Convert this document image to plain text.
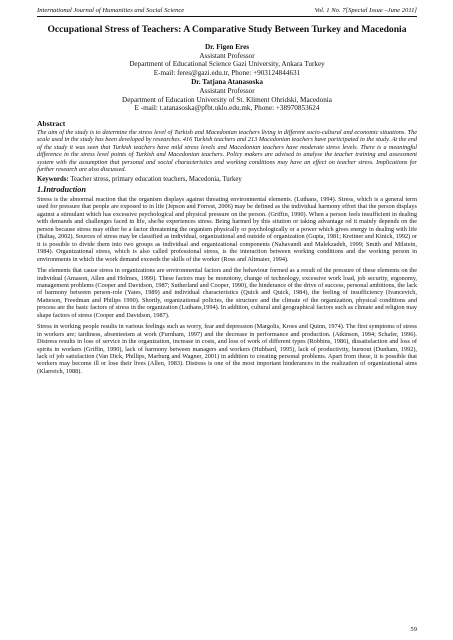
International Journal of Humanities and Social Science	Vol. 1 No. 7[Special Issue –June 2011]
Occupational Stress of Teachers: A Comparative Study Between Turkey and Macedonia
Dr. Figen Eres
Assistant Professor
Department of Educational Science Gazi University, Ankara Turkey
E-mail: feres@gazi.edu.tr, Phone: +903124844631
Dr. Tatjana Atanasoska
Assistant Professor
Department of Education University of St. Kliment Ohridski, Macedonia
E -mail: t.atanasoska@pfbt.uklo.edu.mk, Phone: +38970853624
Abstract
The aim of the study is to determine the stress level of Turkish and Macedonian teachers living in different socio-cultural and economic situations. The scale used in the study has been developed by researches. 416 Turkish teachers and 213 Macedonian teachers have participated in the study. At the end of the study it was seen that Turkish teachers have mild stress levels and Macedonian teachers have moderate stress levels. There is a meaningful difference in the stress level points of Turkish and Macedonian teachers. Policy makers are advised to analyse the teacher training and assessment system with the assumption that personal and social characteristics and working conditions may have an effect on teacher stress. Implications for further research are also discussed.
Keywords: Teacher stress, primary education teachers, Macedonia, Turkey
1.Introduction

Stress is the abnormal reaction that the organism displays against threating environmental elements. (Luthans, 1994). Stress, which is a general term used for pressure that people are exposed to in life (Jepson and Forrest, 2006) may be defined as the individual harmony effort that the person displays against a stimulant which has excessive psychological and physical pressure on the person. (Griffin, 1990). When a person feels insufficient in dealing with demands and challenges faced in life, she/he experiences stress. Being harmed by this sitution or taking advantage od it mainly depends on the person because stress may either be a factor threatening the organism physically or psychologically or a power which gives energy in dealing with life (Baltaş, 2002). Sources of stress may be classified as individual, organizational and outside of organization (Gupta, 1981; Kreitner and Kinick, 1992) or it is possible to divide them into two groups as individual and organizational components (Nahavandi and Malekzadeh, 1999; Smith and Milstein, 1984). Organizational stress, which is also called professional stress, is the interaction between working conditions and the working person in environments in which the work demand exceeds the skills of the worker (Ross and Altmaier, 1994).

The elements that cause stress in organizations are environmental factors and the behaviour formed as a result of the pressure of these elements on the individual (Amason, Allen and Holmes, 1999). These factors may be monotony, change of technology, excessive work load, job security, ergonomy, management problems (Cooper and Davidson, 1987; Sutherland and Cooper, 1990), the hinderance of the drive of success, personal ambitions, the lack of harmony between person-role (Yates, 1989) and individual characteristics (Quick and Quick, 1984), the feeling of insufficiency (Ivancevich, Matteson, Freedman and Philips 1990). Shortly, organizational policies, the structure and the climate of the organization, physical conditions and process are the basic factors of stress in the organization (Luthans,1994). In addition, cultural and geographical factors such as climate and religion may shape factors of stress (Cooper and Davidson, 1987).

Stress in working people results in various feelings such as worry, fear and depression (Margolis, Kroes and Quinn, 1974). The first symptoms of stress in workers are; tardiness, absenteeism at work (Furnham, 1997) and the decrease in performance and production. (Atkinson, 1994; Schafer, 1996). Distress results in loss of service in the organization, increase in costs, and loss of work of different types (Robbins, 1986), dissatisfaction and loss of spirits in workers (Griffin, 1990), lack of harmony between managers and workers (Hubbard, 1995), lack of productivity, burnout (Dunham, 1992), lack of job satisfaction (Van Dick, Phillips, Marburg and Wagner, 2001) in addition to creating personal problems. Apart from these, it is possible that workers may become ill or lose their lives (Allen, 1983). Distress is one of the most important hinderances in the realization of organizational aims (Klarreich, 1988).

59
